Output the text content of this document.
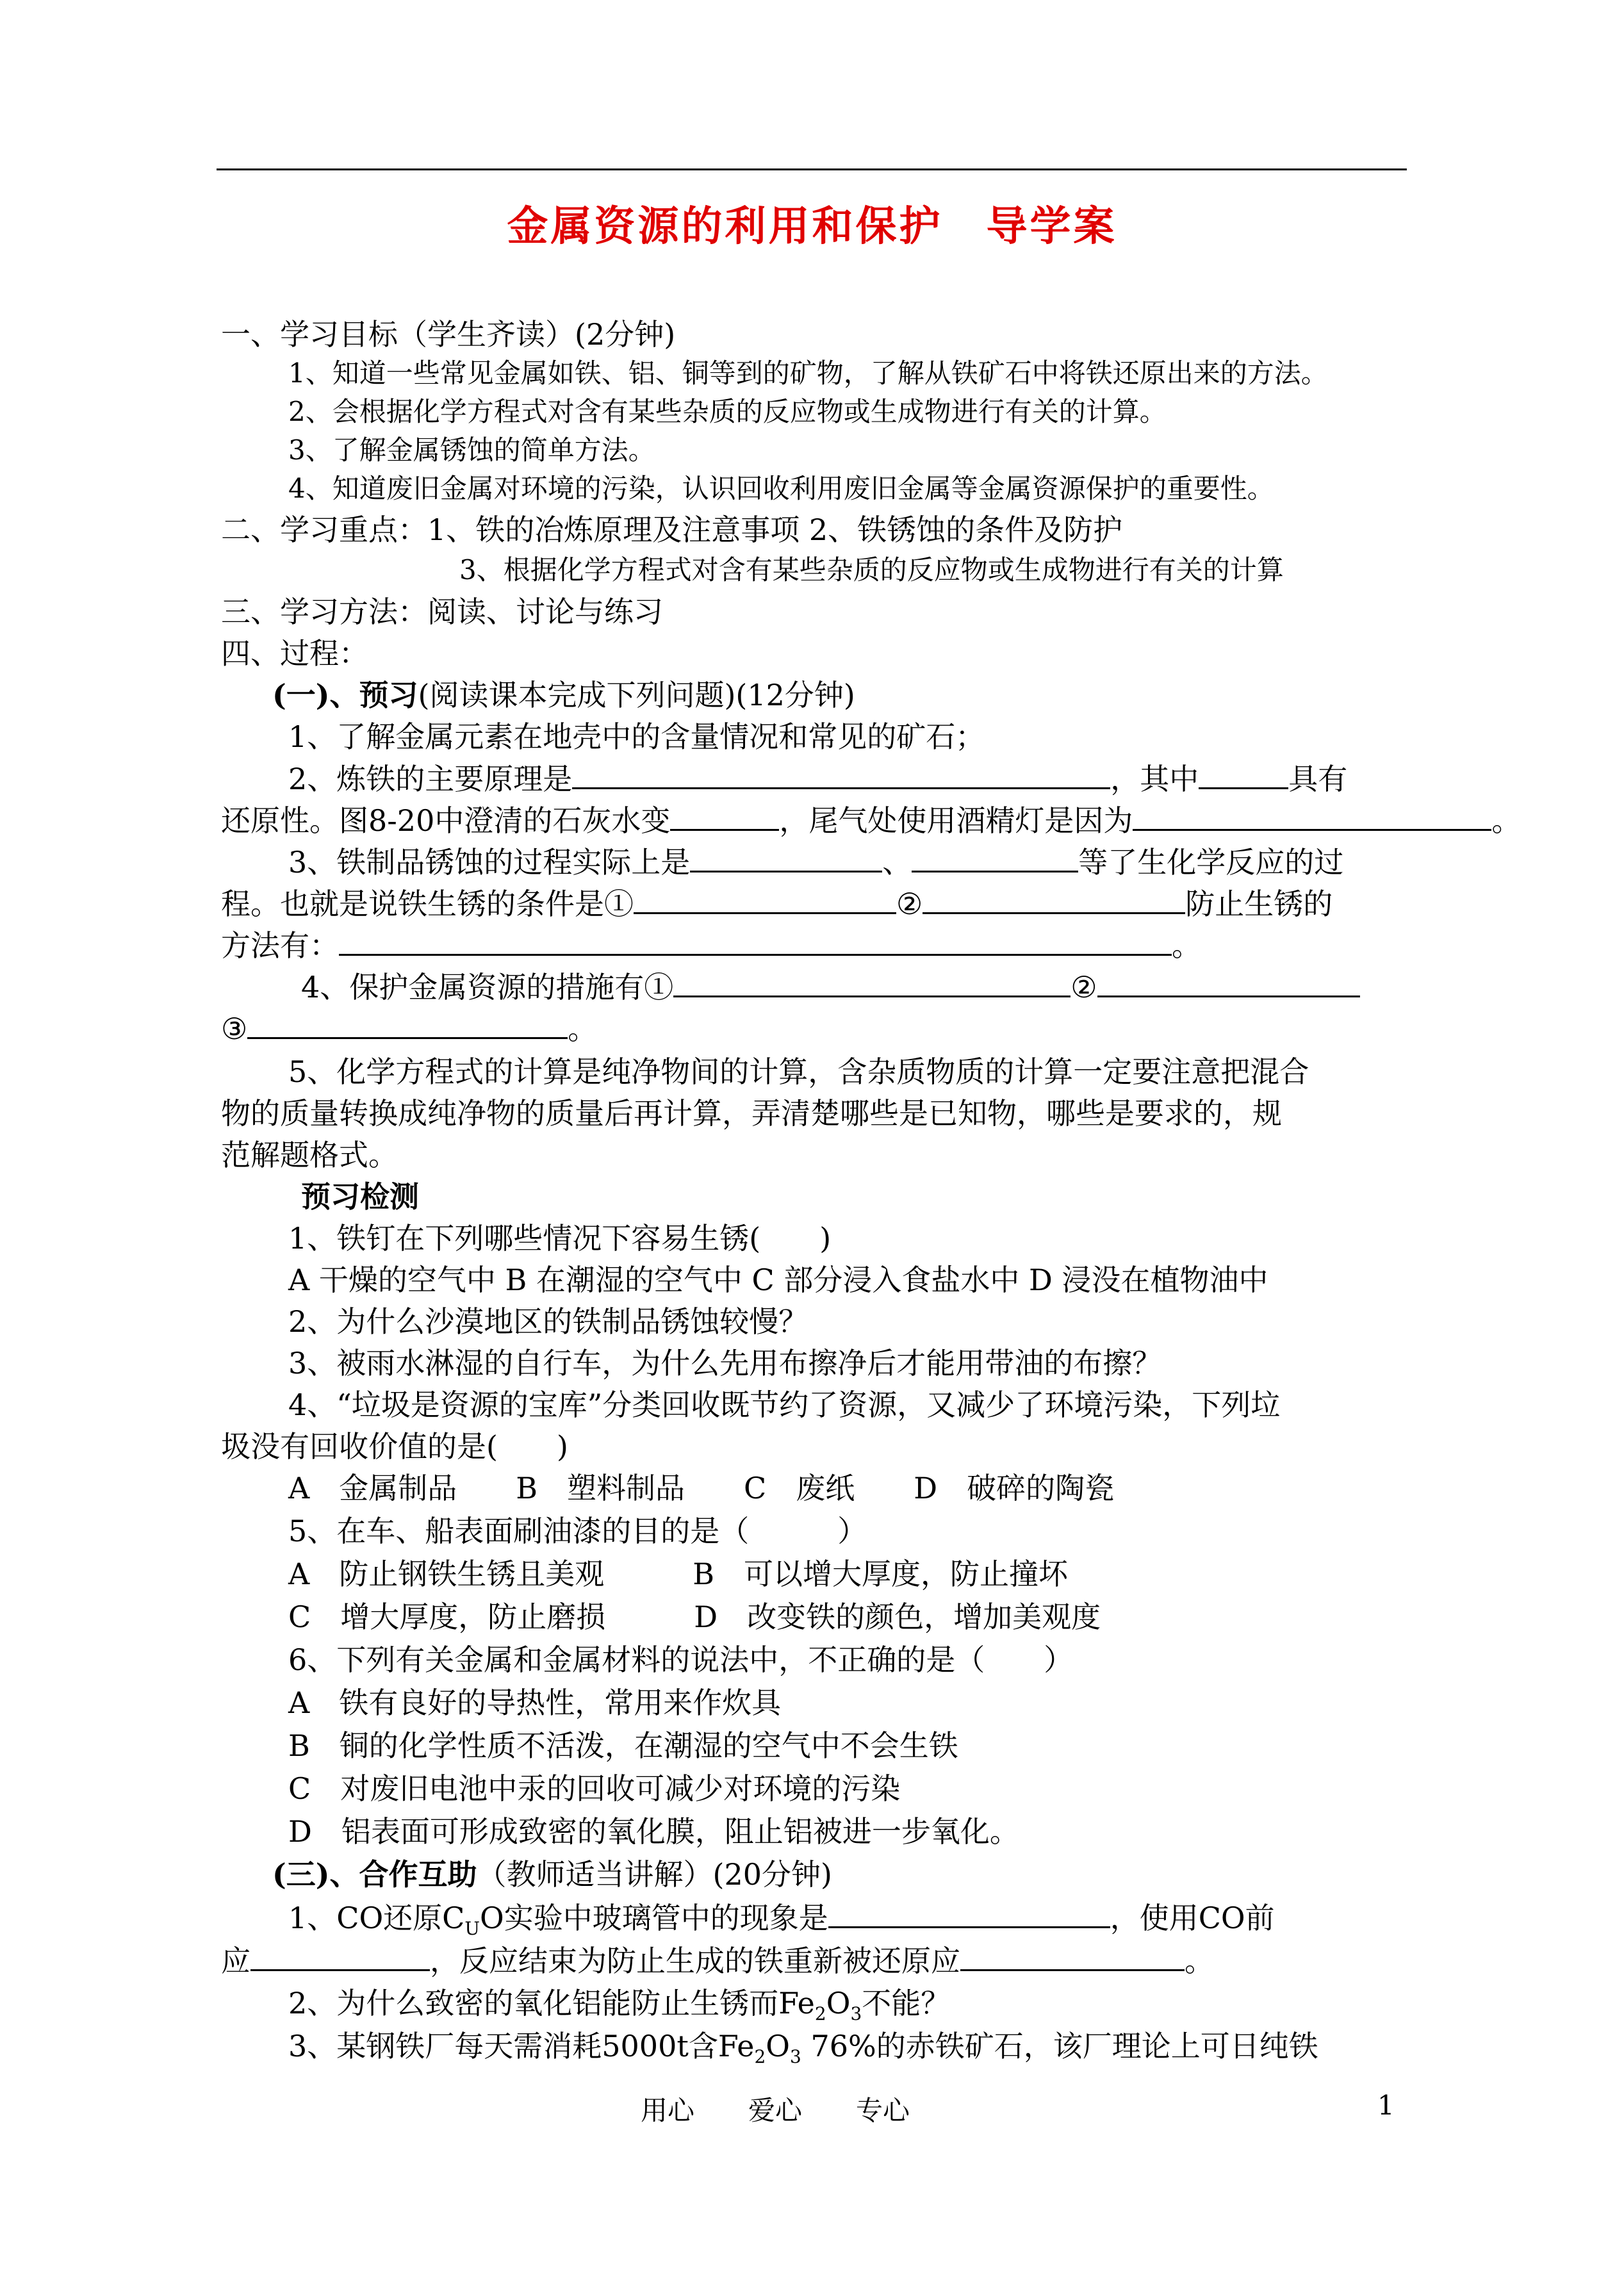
金属资源的利用和保护　导学案
一、学习目标（学生齐读）(2分钟)
1、知道一些常见金属如铁、铝、铜等到的矿物，了解从铁矿石中将铁还原出来的方法。
2、会根据化学方程式对含有某些杂质的反应物或生成物进行有关的计算。
3、了解金属锈蚀的简单方法。
4、知道废旧金属对环境的污染，认识回收利用废旧金属等金属资源保护的重要性。
二、学习重点：1、铁的冶炼原理及注意事项 2、铁锈蚀的条件及防护
3、根据化学方程式对含有某些杂质的反应物或生成物进行有关的计算
三、学习方法：阅读、讨论与练习
四、过程：
(一)、预习(阅读课本完成下列问题)(12分钟)
1、了解金属元素在地壳中的含量情况和常见的矿石；
2、炼铁的主要原理是	，其中	具有
还原性。图8-20中澄清的石灰水变	，尾气处使用酒精灯是因为	。
3、铁制品锈蚀的过程实际上是	、	等了生化学反应的过
程。也就是说铁生锈的条件是①	②	防止生锈的
方法有：	。
4、保护金属资源的措施有①	②
③	。
5、化学方程式的计算是纯净物间的计算，含杂质物质的计算一定要注意把混合
物的质量转换成纯净物的质量后再计算，弄清楚哪些是已知物，哪些是要求的，规
范解题格式。
预习检测
1、铁钉在下列哪些情况下容易生锈(　　)
A 干燥的空气中 B 在潮湿的空气中 C 部分浸入食盐水中 D 浸没在植物油中
2、为什么沙漠地区的铁制品锈蚀较慢？
3、被雨水淋湿的自行车，为什么先用布擦净后才能用带油的布擦？
4、“垃圾是资源的宝库”分类回收既节约了资源，又减少了环境污染，下列垃
圾没有回收价值的是(　　)
A　金属制品　　B　塑料制品　　C　废纸　　D　破碎的陶瓷
5、在车、船表面刷油漆的目的是（　　　）
A　防止钢铁生锈且美观　　　B　可以增大厚度，防止撞坏
C　增大厚度，防止磨损　　　D　改变铁的颜色，增加美观度
6、下列有关金属和金属材料的说法中，不正确的是（　　）
A　铁有良好的导热性，常用来作炊具
B　铜的化学性质不活泼，在潮湿的空气中不会生铁
C　对废旧电池中汞的回收可减少对环境的污染
D　铝表面可形成致密的氧化膜，阻止铝被进一步氧化。
(三)、合作互助（教师适当讲解）(20分钟)
1、CO还原$C_UO$实验中玻璃管中的现象是	，使用CO前
应	，反应结束为防止生成的铁重新被还原应	。
2、为什么致密的氧化铝能防止生锈而$Fe_2O_3$不能？
3、某钢铁厂每天需消耗5000t含$Fe_2O_3$ 76%的赤铁矿石，该厂理论上可日纯铁
用心　　爱心　　专心	1
